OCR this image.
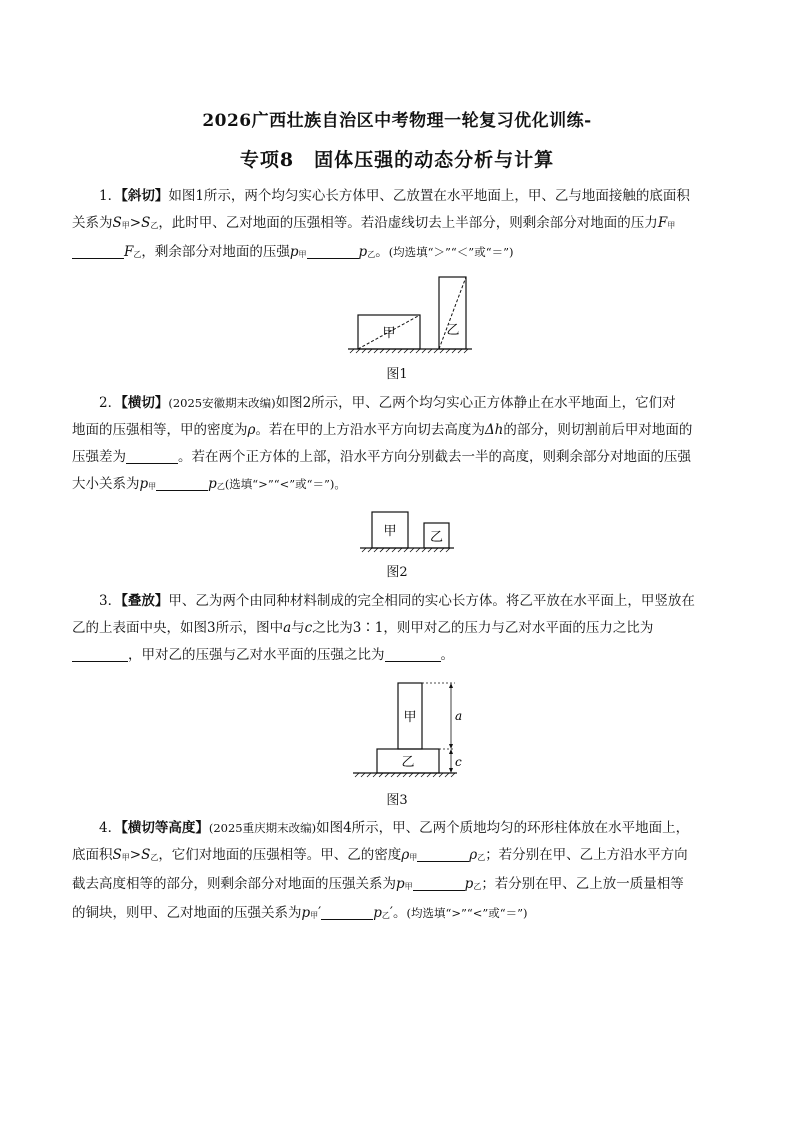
2026广西壮族自治区中考物理一轮复习优化训练-
专项8　固体压强的动态分析与计算

1．【斜切】如图1所示，两个均匀实心长方体甲、乙放置在水平地面上，甲、乙与地面接触的底面积

关系为$S_甲>S_乙$，此时甲、乙对地面的压强相等。若沿虚线切去上半部分，则剩余部分对地面的压力$F_甲$

$F_乙$，剩余部分对地面的压强$p_甲$	$p_乙$。(均选填“＞”“＜”或“＝”)

甲	乙
图1

2．【横切】(2025安徽期末改编)如图2所示，甲、乙两个均匀实心正方体静止在水平地面上，它们对

地面的压强相等，甲的密度为ρ。若在甲的上方沿水平方向切去高度为Δh的部分，则切割前后甲对地面的

压强差为	。若在两个正方体的上部，沿水平方向分别截去一半的高度，则剩余部分对地面的压强

大小关系为$p_甲$	$p_乙$(选填“>”“<”或“＝”)。

甲	乙
图2

3．【叠放】甲、乙为两个由同种材料制成的完全相同的实心长方体。将乙平放在水平面上，甲竖放在

乙的上表面中央，如图3所示，图中a与c之比为3∶1，则甲对乙的压力与乙对水平面的压力之比为

，甲对乙的压强与乙对水平面的压强之比为	。

乙
甲	a
c
图3

4．【横切等高度】(2025重庆期末改编)如图4所示，甲、乙两个质地均匀的环形柱体放在水平地面上，

底面积$S_甲>S_乙$，它们对地面的压强相等。甲、乙的密度$\rho_甲$	$\rho_乙$；若分别在甲、乙上方沿水平方向

截去高度相等的部分，则剩余部分对地面的压强关系为$p_甲$	$p_乙$；若分别在甲、乙上放一质量相等

的铜块，则甲、乙对地面的压强关系为$p_甲'$	$p_乙'$。(均选填“>”“<”或“＝”)
